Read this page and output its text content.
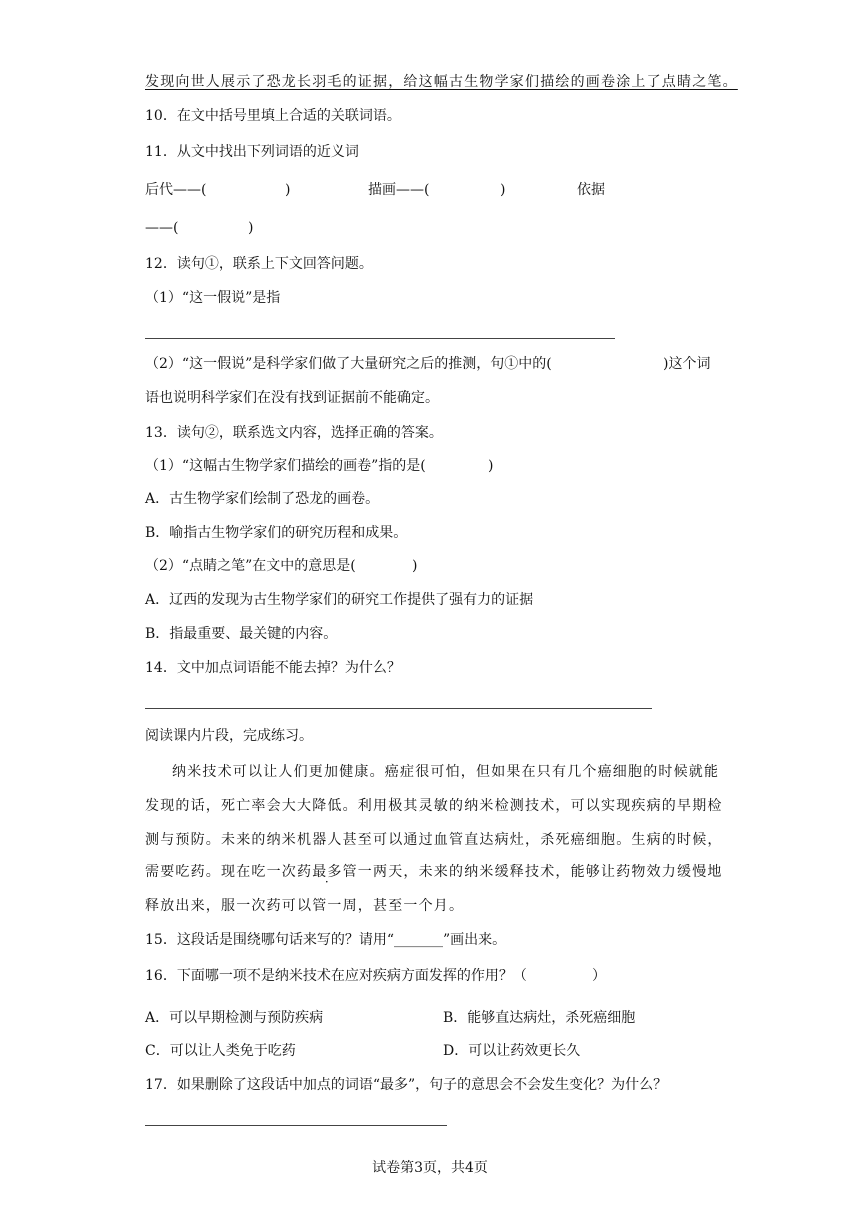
发现向世人展示了恐龙长羽毛的证据，给这幅古生物学家们描绘的画卷涂上了点睛之笔。
10．在文中括号里填上合适的关联词语。
11．从文中找出下列词语的近义词
后代——(	)	描画——(	)	依据
——(	)
12．读句①，联系上下文回答问题。
（1）“这一假说”是指
（2）“这一假说”是科学家们做了大量研究之后的推测，句①中的(	)这个词
语也说明科学家们在没有找到证据前不能确定。
13．读句②，联系选文内容，选择正确的答案。
（1）“这幅古生物学家们描绘的画卷”指的是(	)
A．古生物学家们绘制了恐龙的画卷。
B．喻指古生物学家们的研究历程和成果。
（2）“点睛之笔”在文中的意思是(	)
A．辽西的发现为古生物学家们的研究工作提供了强有力的证据
B．指最重要、最关键的内容。
14．文中加点词语能不能去掉？为什么？
阅读课内片段，完成练习。
纳米技术可以让人们更加健康。癌症很可怕，但如果在只有几个癌细胞的时候就能
发现的话，死亡率会大大降低。利用极其灵敏的纳米检测技术，可以实现疾病的早期检
测与预防。未来的纳米机器人甚至可以通过血管直达病灶，杀死癌细胞。生病的时候，
需要吃药。现在吃一次药最多管一两天，未来的纳米缓释技术，能够让药物效力缓慢地
释放出来，服一次药可以管一周，甚至一个月。
15．这段话是围绕哪句话来写的？请用“_______”画出来。
16．下面哪一项不是纳米技术在应对疾病方面发挥的作用？（	）
A．可以早期检测与预防疾病	B．能够直达病灶，杀死癌细胞
C．可以让人类免于吃药	D．可以让药效更长久
17．如果删除了这段话中加点的词语“最多”，句子的意思会不会发生变化？为什么？
试卷第3页，共4页
